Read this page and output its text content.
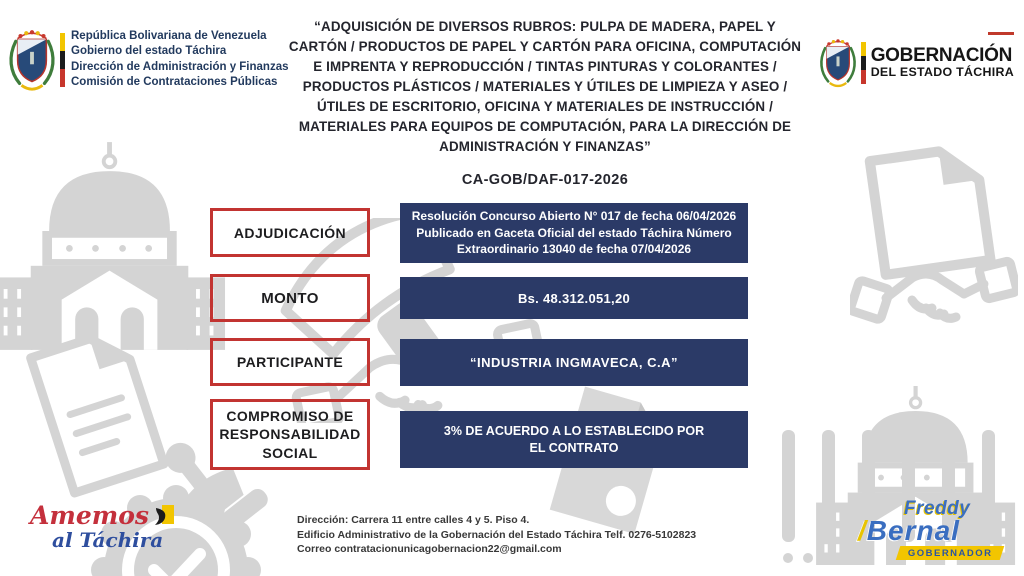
República Bolivariana de Venezuela
Gobierno del estado Táchira
Dirección de Administración y Finanzas
Comisión de Contrataciones Públicas
GOBERNACIÓN
DEL ESTADO TÁCHIRA
“ADQUISICIÓN DE DIVERSOS RUBROS: PULPA DE MADERA, PAPEL Y CARTÓN / PRODUCTOS DE PAPEL Y CARTÓN PARA OFICINA, COMPUTACIÓN E IMPRENTA Y REPRODUCCIÓN / TINTAS PINTURAS Y COLORANTES / PRODUCTOS PLÁSTICOS / MATERIALES Y ÚTILES DE LIMPIEZA Y ASEO / ÚTILES DE ESCRITORIO, OFICINA Y MATERIALES DE INSTRUCCIÓN / MATERIALES PARA EQUIPOS DE COMPUTACIÓN, PARA LA DIRECCIÓN DE ADMINISTRACIÓN Y FINANZAS”
CA-GOB/DAF-017-2026
ADJUDICACIÓN
Resolución Concurso Abierto N° 017 de fecha 06/04/2026 Publicado en Gaceta Oficial del estado Táchira Número Extraordinario 13040 de fecha 07/04/2026
MONTO	Bs. 48.312.051,20
PARTICIPANTE	“INDUSTRIA INGMAVECA, C.A”
COMPROMISO DE RESPONSABILIDAD SOCIAL
3% DE ACUERDO A LO ESTABLECIDO POR EL CONTRATO
Amemos
al Táchira
Dirección: Carrera 11 entre calles 4 y 5. Piso 4.
Edificio Administrativo de la Gobernación del Estado Táchira Telf. 0276-5102823
Correo contratacionunicagobernacion22@gmail.com
Freddy
/Bernal
GOBERNADOR
